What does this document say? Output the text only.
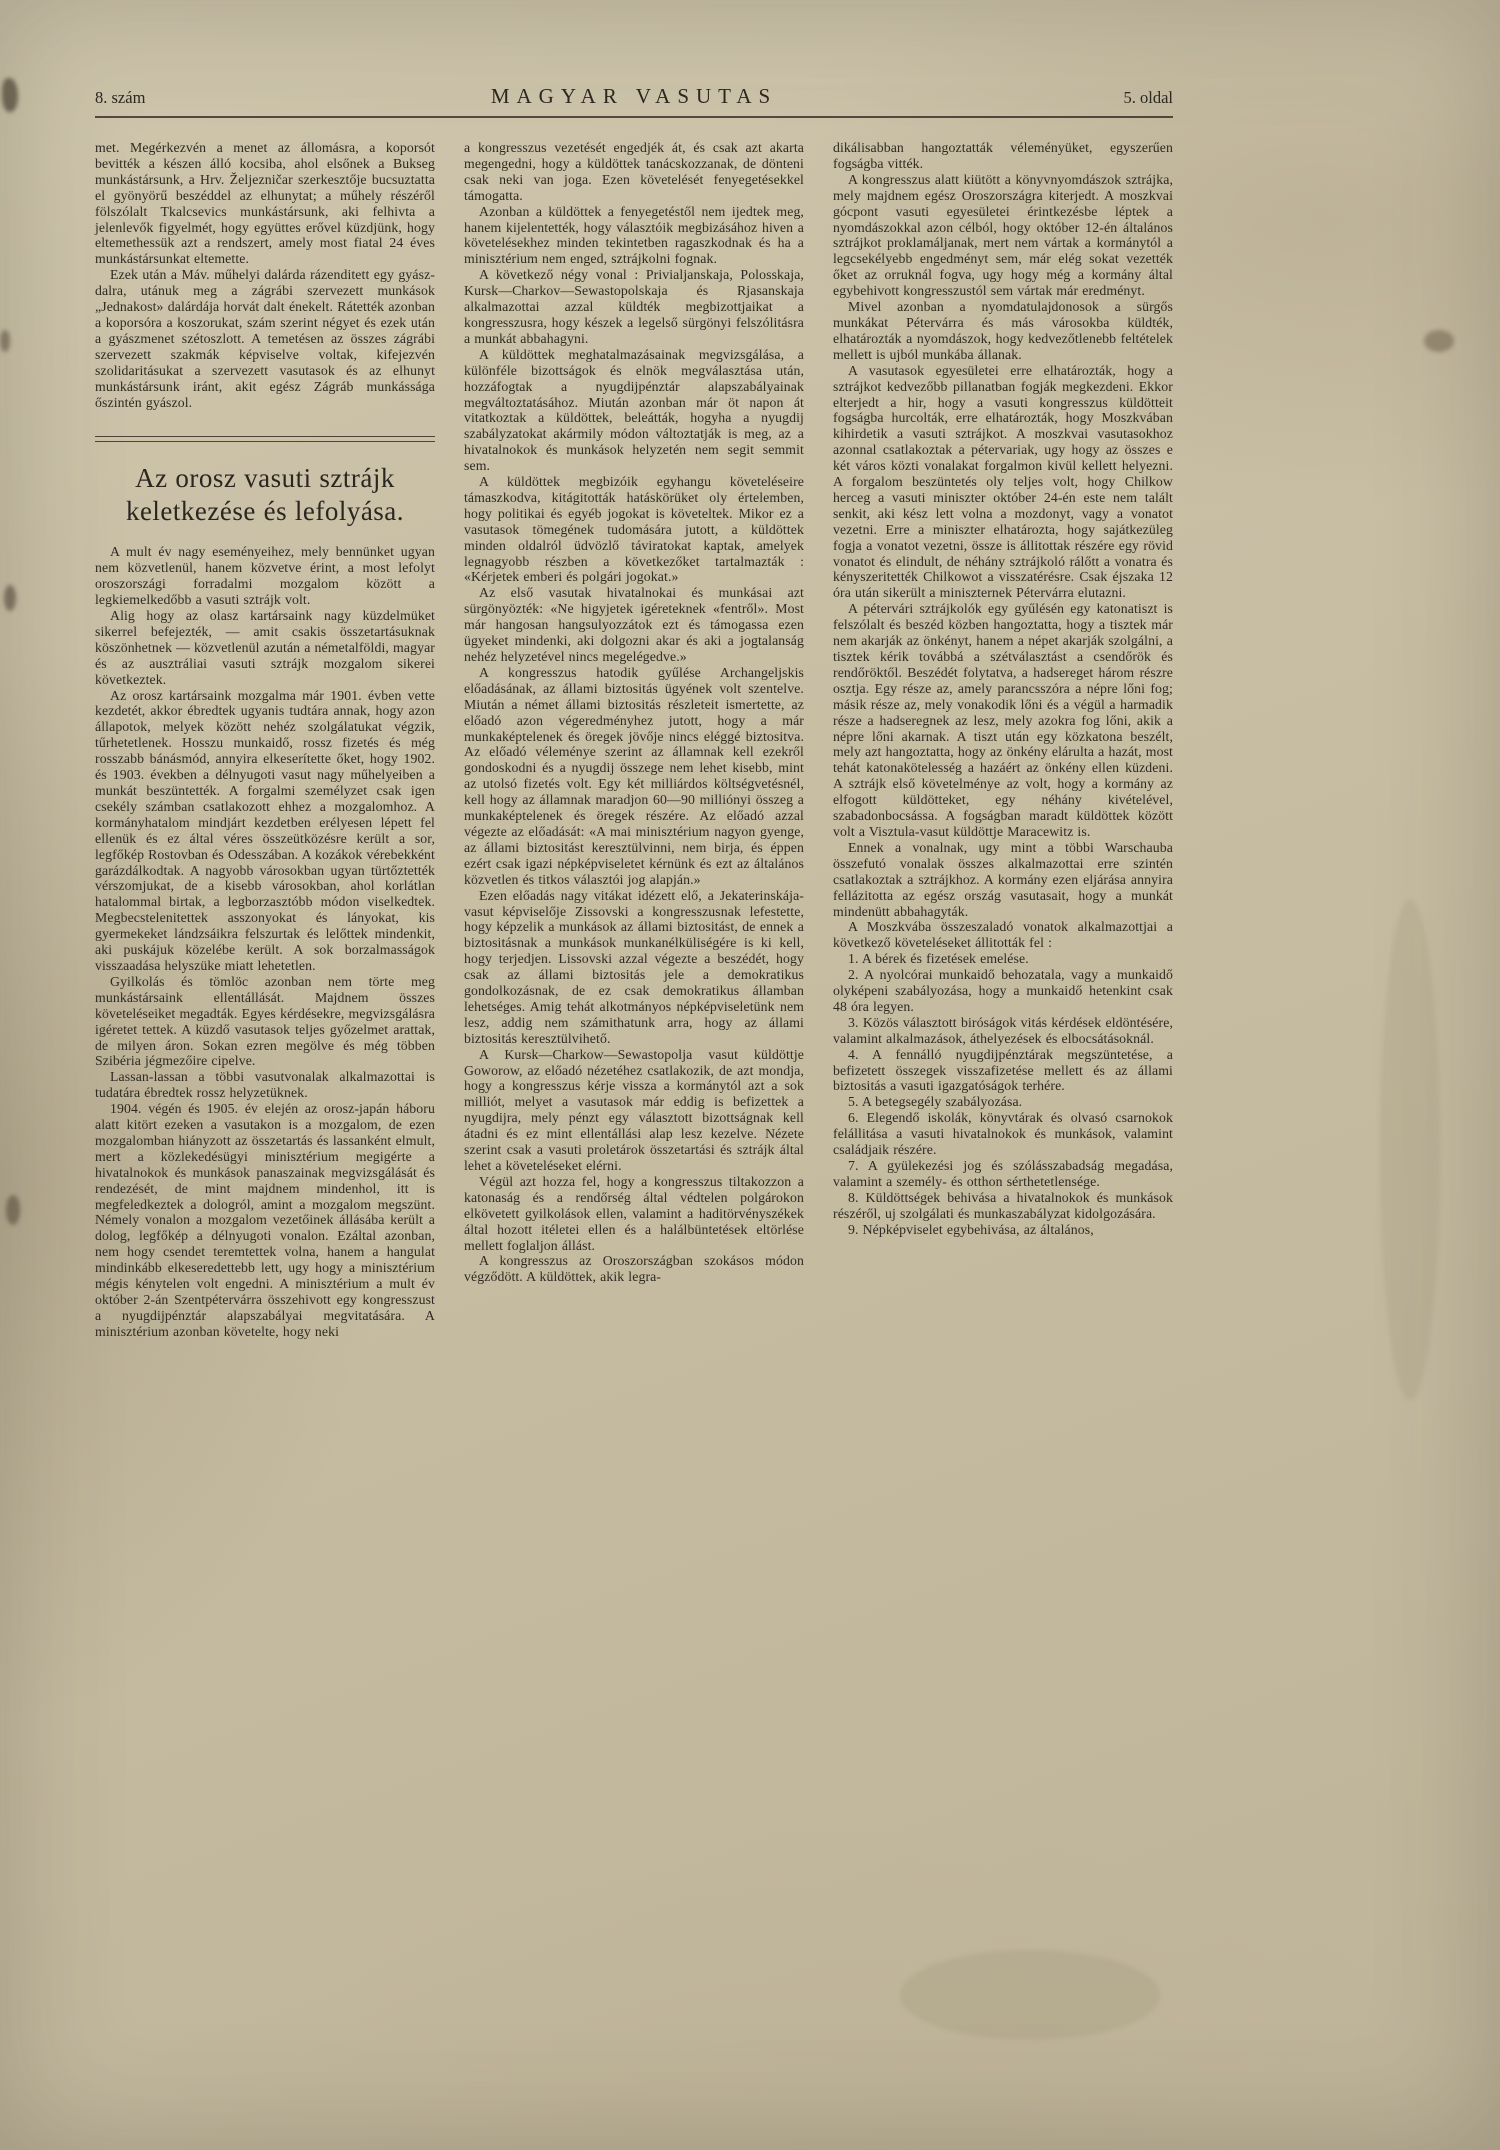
8. szám	MAGYAR VASUTAS	5. oldal

met. Megérkezvén a menet az állomásra, a koporsót bevitték a készen álló kocsiba, ahol elsőnek a Bukseg munkástársunk, a Hrv. Željezničar szerkesztője bucsuztatta el gyönyörű beszéddel az elhunytat; a műhely részéről fölszólalt Tkalcsevics munkástársunk, aki felhivta a jelenlevők figyelmét, hogy együttes erővel küzdjünk, hogy eltemethessük azt a rendszert, amely most fiatal 24 éves munkástársunkat eltemette.

Ezek után a Máv. műhelyi dalárda rázenditett egy gyász-dalra, utánuk meg a zágrábi szervezett munkások „Jednakost» dalárdája horvát dalt énekelt. Rátették azonban a koporsóra a koszorukat, szám szerint négyet és ezek után a gyászmenet szétoszlott. A temetésen az összes zágrábi szervezett szakmák képviselve voltak, kifejezvén szolidaritásukat a szervezett vasutasok és az elhunyt munkástársunk iránt, akit egész Zágráb munkássága őszintén gyászol.

Az orosz vasuti sztrájk keletkezése és lefolyása.

A mult év nagy eseményeihez, mely bennünket ugyan nem közvetlenül, hanem közvetve érint, a most lefolyt oroszországi forradalmi mozgalom között a legkiemelkedőbb a vasuti sztrájk volt.

Alig hogy az olasz kartársaink nagy küzdelmüket sikerrel befejezték, — amit csakis összetartásuknak köszönhetnek — közvetlenül azután a németalföldi, magyar és az ausztráliai vasuti sztrájk mozgalom sikerei következtek.

Az orosz kartársaink mozgalma már 1901. évben vette kezdetét, akkor ébredtek ugyanis tudtára annak, hogy azon állapotok, melyek között nehéz szolgálatukat végzik, tűrhetetlenek. Hosszu munkaidő, rossz fizetés és még rosszabb bánásmód, annyira elkeserítette őket, hogy 1902. és 1903. években a délnyugoti vasut nagy műhelyeiben a munkát beszüntették. A forgalmi személyzet csak igen csekély számban csatlakozott ehhez a mozgalomhoz. A kormányhatalom mindjárt kezdetben erélyesen lépett fel ellenük és ez által véres összeütközésre került a sor, legfőkép Rostovban és Odesszában. A kozákok vérebekként garázdálkodtak. A nagyobb városokban ugyan türtőztették vérszomjukat, de a kisebb városokban, ahol korlátlan hatalommal birtak, a legborzasztóbb módon viselkedtek. Megbecstelenitettek asszonyokat és lányokat, kis gyermekeket lándzsáikra felszurtak és lelőttek mindenkit, aki puskájuk közelébe került. A sok borzalmasságok visszaadása helyszüke miatt lehetetlen.

Gyilkolás és tömlöc azonban nem törte meg munkástársaink ellentállását. Majdnem összes követeléseiket megadták. Egyes kérdésekre, megvizsgálásra igéretet tettek. A küzdő vasutasok teljes győzelmet arattak, de milyen áron. Sokan ezren megölve és még többen Szibéria jégmezőire cipelve.

Lassan-lassan a többi vasutvonalak alkalmazottai is tudatára ébredtek rossz helyzetüknek.

1904. végén és 1905. év elején az orosz-japán háboru alatt kitört ezeken a vasutakon is a mozgalom, de ezen mozgalomban hiányzott az összetartás és lassanként elmult, mert a közlekedésügyi minisztérium megigérte a hivatalnokok és munkások panaszainak megvizsgálását és rendezését, de mint majdnem mindenhol, itt is megfeledkeztek a dologról, amint a mozgalom megszünt. Némely vonalon a mozgalom vezetőinek állásába került a dolog, legfőkép a délnyugoti vonalon. Ezáltal azonban, nem hogy csendet teremtettek volna, hanem a hangulat mindinkább elkeseredettebb lett, ugy hogy a minisztérium mégis kénytelen volt engedni. A minisztérium a mult év október 2-án Szentpétervárra összehivott egy kongresszust a nyugdijpénztár alapszabályai megvitatására. A minisztérium azonban követelte, hogy neki

a kongresszus vezetését engedjék át, és csak azt akarta megengedni, hogy a küldöttek tanácskozzanak, de dönteni csak neki van joga. Ezen követelését fenyegetésekkel támogatta.

Azonban a küldöttek a fenyegetéstől nem ijedtek meg, hanem kijelentették, hogy választóik megbizásához hiven a követelésekhez minden tekintetben ragaszkodnak és ha a minisztérium nem enged, sztrájkolni fognak.

A következő négy vonal : Privialjanskaja, Polosskaja, Kursk—Charkov—Sewastopolskaja és Rjasanskaja alkalmazottai azzal küldték megbizottjaikat a kongresszusra, hogy készek a legelső sürgönyi felszólitásra a munkát abbahagyni.

A küldöttek meghatalmazásainak megvizsgálása, a különféle bizottságok és elnök megválasztása után, hozzáfogtak a nyugdijpénztár alapszabályainak megváltoztatásához. Miután azonban már öt napon át vitatkoztak a küldöttek, beleátták, hogyha a nyugdij szabályzatokat akármily módon változtatják is meg, az a hivatalnokok és munkások helyzetén nem segit semmit sem.

A küldöttek megbizóik egyhangu követeléseire támaszkodva, kitágitották hatáskörüket oly értelemben, hogy politikai és egyéb jogokat is követeltek. Mikor ez a vasutasok tömegének tudomására jutott, a küldöttek minden oldalról üdvözlő táviratokat kaptak, amelyek legnagyobb részben a következőket tartalmazták : «Kérjetek emberi és polgári jogokat.»

Az első vasutak hivatalnokai és munkásai azt sürgönyözték: «Ne higyjetek igéreteknek «fentről». Most már hangosan hangsulyozzátok ezt és támogassa ezen ügyeket mindenki, aki dolgozni akar és aki a jogtalanság nehéz helyzetével nincs megelégedve.»

A kongresszus hatodik gyűlése Archangeljskis előadásának, az állami biztositás ügyének volt szentelve. Miután a német állami biztositás részleteit ismertette, az előadó azon végeredményhez jutott, hogy a már munkaképtelenek és öregek jövője nincs eléggé biztositva. Az előadó véleménye szerint az államnak kell ezekről gondoskodni és a nyugdij összege nem lehet kisebb, mint az utolsó fizetés volt. Egy két milliárdos költségvetésnél, kell hogy az államnak maradjon 60—90 milliónyi összeg a munkaképtelenek és öregek részére. Az előadó azzal végezte az előadását: «A mai minisztérium nagyon gyenge, az állami biztositást keresztülvinni, nem birja, és éppen ezért csak igazi népképviseletet kérnünk és ezt az általános közvetlen és titkos választói jog alapján.»

Ezen előadás nagy vitákat idézett elő, a Jekaterinskája-vasut képviselője Zissovski a kongresszusnak lefestette, hogy képzelik a munkások az állami biztositást, de ennek a biztositásnak a munkások munkanélküliségére is ki kell, hogy terjedjen. Lissovski azzal végezte a beszédét, hogy csak az állami biztositás jele a demokratikus gondolkozásnak, de ez csak demokratikus államban lehetséges. Amig tehát alkotmányos népképviseletünk nem lesz, addig nem számithatunk arra, hogy az állami biztositás keresztülvihető.

A Kursk—Charkow—Sewastopolja vasut küldöttje Goworow, az előadó nézetéhez csatlakozik, de azt mondja, hogy a kongresszus kérje vissza a kormánytól azt a sok milliót, melyet a vasutasok már eddig is befizettek a nyugdijra, mely pénzt egy választott bizottságnak kell átadni és ez mint ellentállási alap lesz kezelve. Nézete szerint csak a vasuti proletárok összetartási és sztrájk által lehet a követeléseket elérni.

Végül azt hozza fel, hogy a kongresszus tiltakozzon a katonaság és a rendőrség által védtelen polgárokon elkövetett gyilkolások ellen, valamint a haditörvényszékek által hozott itéletei ellen és a halálbüntetések eltörlése mellett foglaljon állást.

A kongresszus az Oroszországban szokásos módon végződött. A küldöttek, akik legra-

dikálisabban hangoztatták véleményüket, egyszerűen fogságba vitték.

A kongresszus alatt kiütött a könyvnyomdászok sztrájka, mely majdnem egész Oroszországra kiterjedt. A moszkvai gócpont vasuti egyesületei érintkezésbe léptek a nyomdászokkal azon célból, hogy október 12-én általános sztrájkot proklamáljanak, mert nem vártak a kormánytól a legcsekélyebb engedményt sem, már elég sokat vezették őket az orruknál fogva, ugy hogy még a kormány által egybehivott kongresszustól sem vártak már eredményt.

Mivel azonban a nyomdatulajdonosok a sürgős munkákat Pétervárra és más városokba küldték, elhatározták a nyomdászok, hogy kedvezőtlenebb feltételek mellett is ujból munkába állanak.

A vasutasok egyesületei erre elhatározták, hogy a sztrájkot kedvezőbb pillanatban fogják megkezdeni. Ekkor elterjedt a hir, hogy a vasuti kongresszus küldötteit fogságba hurcolták, erre elhatározták, hogy Moszkvában kihirdetik a vasuti sztrájkot. A moszkvai vasutasokhoz azonnal csatlakoztak a pétervariak, ugy hogy az összes e két város közti vonalakat forgalmon kivül kellett helyezni. A forgalom beszüntetés oly teljes volt, hogy Chilkow herceg a vasuti miniszter október 24-én este nem talált senkit, aki kész lett volna a mozdonyt, vagy a vonatot vezetni. Erre a miniszter elhatározta, hogy sajátkezüleg fogja a vonatot vezetni, össze is állitottak részére egy rövid vonatot és elindult, de néhány sztrájkoló rálőtt a vonatra és kényszeritették Chilkowot a visszatérésre. Csak éjszaka 12 óra után sikerült a miniszternek Pétervárra elutazni.

A pétervári sztrájkolók egy gyűlésén egy katonatiszt is felszólalt és beszéd közben hangoztatta, hogy a tisztek már nem akarják az önkényt, hanem a népet akarják szolgálni, a tisztek kérik továbbá a szétválasztást a csendőrök és rendőröktől. Beszédét folytatva, a hadsereget három részre osztja. Egy része az, amely parancsszóra a népre lőni fog; másik része az, mely vonakodik lőni és a végül a harmadik része a hadseregnek az lesz, mely azokra fog lőni, akik a népre lőni akarnak. A tiszt után egy közkatona beszélt, mely azt hangoztatta, hogy az önkény elárulta a hazát, most tehát katonakötelesség a hazáért az önkény ellen küzdeni. A sztrájk első követelménye az volt, hogy a kormány az elfogott küldötteket, egy néhány kivételével, szabadonbocsássa. A fogságban maradt küldöttek között volt a Visztula-vasut küldöttje Maracewitz is.

Ennek a vonalnak, ugy mint a többi Warschauba összefutó vonalak összes alkalmazottai erre szintén csatlakoztak a sztrájkhoz. A kormány ezen eljárása annyira fellázitotta az egész ország vasutasait, hogy a munkát mindenütt abbahagyták.

A Moszkvába összeszaladó vonatok alkalmazottjai a következő követeléseket állitották fel :

1. A bérek és fizetések emelése.

2. A nyolcórai munkaidő behozatala, vagy a munkaidő olyképeni szabályozása, hogy a munkaidő hetenkint csak 48 óra legyen.

3. Közös választott biróságok vitás kérdések eldöntésére, valamint alkalmazások, áthelyezések és elbocsátásoknál.

4. A fennálló nyugdijpénztárak megszüntetése, a befizetett összegek visszafizetése mellett és az állami biztositás a vasuti igazgatóságok terhére.

5. A betegsegély szabályozása.

6. Elegendő iskolák, könyvtárak és olvasó csarnokok felállitása a vasuti hivatalnokok és munkások, valamint családjaik részére.

7. A gyülekezési jog és szólásszabadság megadása, valamint a személy- és otthon sérthetetlensége.

8. Küldöttségek behivása a hivatalnokok és munkások részéről, uj szolgálati és munkaszabályzat kidolgozására.

9. Népképviselet egybehivása, az általános,
